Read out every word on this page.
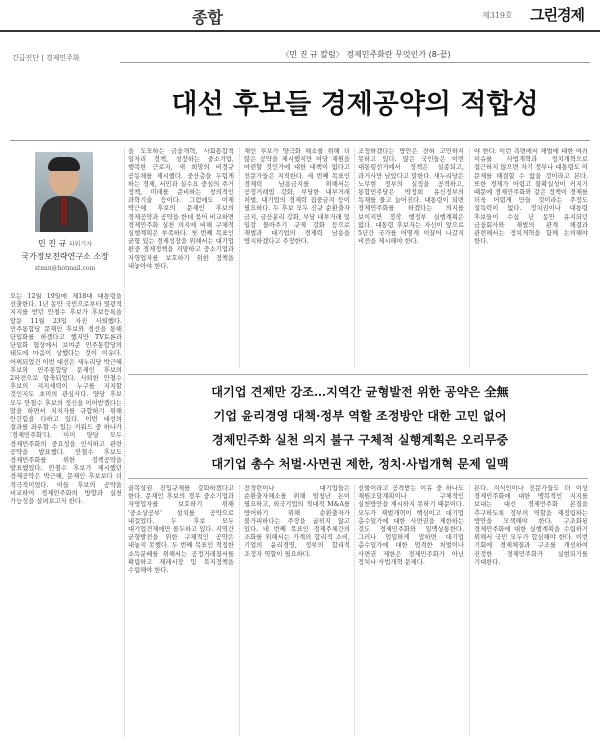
종합	제319호 그린경제
긴급진단 | 경제민주화	〈민 진 규 칼럼〉 경제민주화란 무엇인가 (8-끝)
대선 후보들 경제공약의 적합성
민 진 규 파워기자
국가정보전략연구소 소장
stmin@hotmail.com
오는 12월 19일에 제18대 대통령을 선출한다. 1년 동안 국민으로부터 열광적 지지를 받던 안철수 후보가 후보등록을 앞둔 11월 23일 자진 사퇴했다. 민주통합당 문재인 후보와 경선을 통해 단일화를 하겠다고 했지만 TV토론과 단일화 협상에서 보여준 민주통합당의 태도에 마음이 상했다는 것이 이유다. 어찌되었건 이번 대선은 새누리당 박근혜 후보와 민주통합당 문재인 후보의 2파전으로 압축되었다. 사퇴한 안철수 후보의 지지세력이 누구를 지지할 것인지도 초미의 관심사다. 양당 후보 모두 안철수 후보의 정신을 이어받겠다는 말을 하면서 지지자를 규합하기 위해 안간힘을 다하고 있다. 이번 대선의 결과를 좌우할 수 있는 키워드 중 하나가 '경제민주화'다. 이미 양당 모두 경제민주화의 중요성을 인식하고 관련 공약을 발표했다. 안철수 후보도 경제민주화를 위한 정책공약을 발표했었다. 안철수 후보가 제시했던 경제공약은 박근혜, 문재인 후보보다 더 적극적이었다. 이들 후보의 공약을 비교하여 경제민주화의 방향과 실천 가능성을 살펴보고자 한다.
을 도모하는 금융개혁, 사회통합적 일자리 정책, 성장하는 중소기업, 행복한 근로자, 새 희망의 비정규 공동체를 제시했다. 중산층을 두텁게 하는 경제, 서민과 실수요 중심의 주거 정책, 미래를 준비하는 창의적인 과학기술 등이다. 그럼에도 이제 박근혜 후보의 문재인 후보의 경제공약과 공약을 한데 묶어 비교하면 경제민주화 실천 의지에 비해 구체적 실행계획은 부족하다. 첫 번째 목표인 균형 있는 경제성장을 위해서는 대기업 편중 경제정책을 지양하고 중소기업과 자영업자를 보호하기 위한 정책을 내놓아야 한다.
재인 후보가 양극화 해소를 위해 더 많은 공약을 제시했지만 여당 재원을 마련할 것인가에 대한 대책이 없다고 전문가들은 지적한다. 세 번째 목표인 경제력 남용금지를 위해서는 공정거래법 강화, 부당한 내부거래 처벌, 대기업의 경제력 집중금지 등이 필요하다. 두 후보 모두 신규 순환출자 금지, 금산분리 강화, 부당 내부거래 및 일감 몰아주기 규제 강화 등으로 재벌과 대기업의 경제력 남용을 방지하겠다고 주장한다.
조정하겠다는 방안은 전혀 고민하지 못하고 있다. 많은 국민들은 이번 대통령선거에서 정책은 실종되고, 과거사만 남았다고 말한다. 새누리당은 노무현 정부의 실정을 공격하고, 통합민주당은 박정희 유신정부의 독재를 물고 늘어진다. 대통령이 되면 경제민주화를 하겠다는 의지를 보이지만 정작 행정부 실행계획은 없다. 대통령 후보자는 자신이 앞으로 5년간 국가를 어떻게 이끌어 나갈지 비전을 제시해야 한다.
야 한다. 이런 측면에서 재벌에 대한 여러 이슈를 사법개혁과 정치개혁으로 접근하지 않으면 자기 정부나 대통령도 이 문제를 해결할 수 없을 것이라고 본다. 또한 경제가 어렵고 불확실성이 커지기 때문에 경제민주화와 같은 정책이 경제를 더욱 어렵게 만들 것이라는 주장도 설득력이 없다. 정치권이나 대통령 후보들이 수십 년 동안 유지되던 금융회사와 재벌의 관계 해결과 관련해서는 정치개혁을 함께 논의해야 한다.
대기업 견제만 강조…지역간 균형발전 위한 공약은 全無
기업 윤리경영 대책·정부 역할 조정방안 대한 고민 없어
경제민주화 실천 의지 불구 구체적 실행계획은 오리무중
대기업 총수 처벌·사면권 제한, 정치·사법개혁 문제 일맥
골목상권 진입규제를 강화하겠다고 한다. 문재인 후보의 경우 중소기업과 자영업자를 보호하기 위해 '중소상공부' 설치를 공약으로 내걸었다. 두 후보 모두 대기업견제에만 몰두하고 있다. 지역간 균형발전을 위한 구체적인 공약은 내놓지 못했다. 두 번째 목표인 적정한 소득분배를 위해서는 공정거래질서를 확립하고 재래시장 및 복지정책을 수립해야 한다.
전경련이나 대기업들은 순환출자해소를 위해 엄청난 돈이 필요하고, 외국기업의 적대적 M&A를 방어하기 위해 순환출자가 불가피하다는 주장을 굽히지 않고 있다. 네 번째 목표인 경제주체간의 조화를 위해서는 가계의 합리적 소비, 기업의 윤리경영, 정부의 합리적 조정자 역할이 필요하다.
선물이라고 공격받는 이유 중 하나도 재원조달계획이나 구체적인 실천방안을 제시하지 못하기 때문이다. 모두가 재벌개혁이 핵심이고 대기업 총수일가에 대한 사면권을 제한하는 것도 경제민주화와 일맥상통한다. 그러나 엄밀하게 말하면 대기업 총수일가에 대한 엄격한 처벌이나 사면권 제한은 경제민주화가 아닌 정치나 사법개혁 문제다.
본다. 지식인이나 전문가들도 더 이상 경제민주화에 대한 맹목적인 지지를 보내는 대신 경제민주화 본질을 추구하도록 정부의 역할을 재정립하는 방안을 모색해야 한다. 구조화된 경제민주화에 대한 실행계획을 수립하기 위해서 국민 모두가 합심해야 한다. 이번 기회에 경제체질과 구조를 개선하여 진정한 경제민주화가 실현되기를 기대한다.
